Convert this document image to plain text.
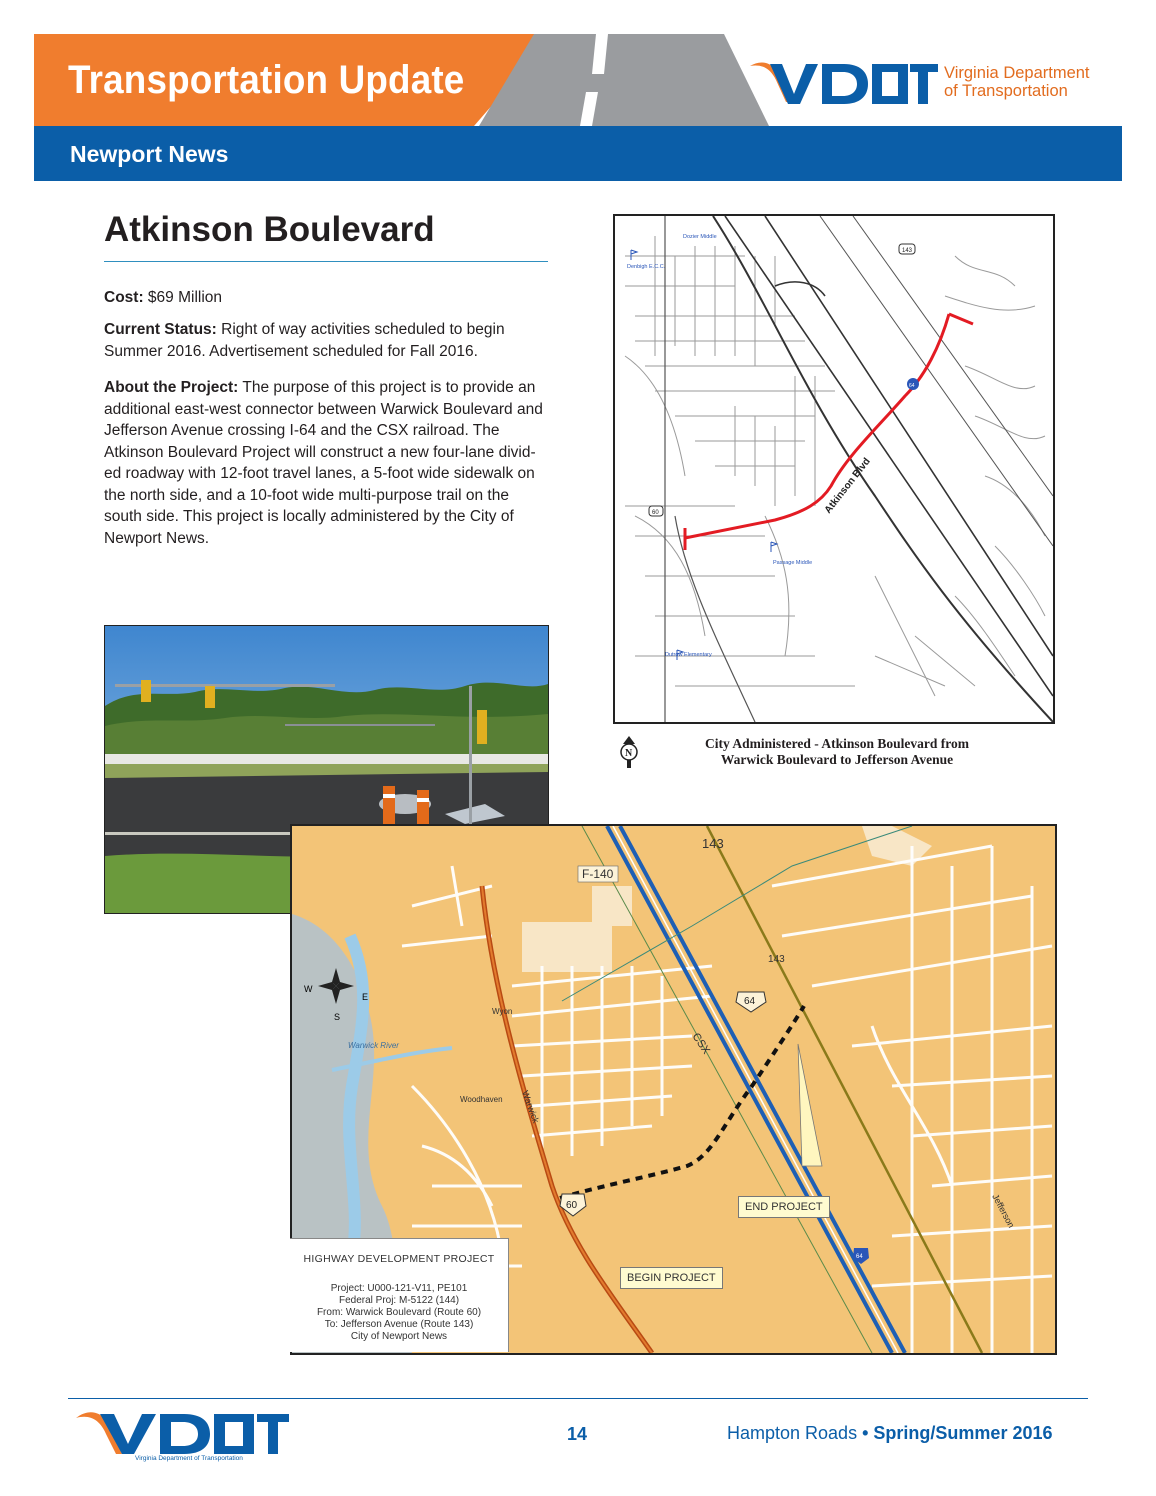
Transportation Update	Virginia Department
of Transportation
Newport News
Atkinson Boulevard
Cost: $69 Million
Current Status: Right of way activities scheduled to begin Summer 2016. Advertisement scheduled for Fall 2016.
About the Project: The purpose of this project is to provide an additional east-west connector between Warwick Boulevard and Jefferson Avenue crossing I-64 and the CSX railroad. The Atkinson Boulevard Project will construct a new four-lane divid-ed roadway with 12-foot travel lanes, a 5-foot wide sidewalk on the north side, and a 10-foot wide multi-purpose trail on the south side. This project is locally administered by the City of Newport News.
143
60
64
Atkinson Blvd
Denbigh E.C.C.
Dozier Middle
Passage Middle
Dutrow Elementary
N
City Administered - Atkinson Boulevard from
Warwick Boulevard to Jefferson Avenue
W
E
S
F-140
143
143
64
64
60
CSX
Warwick
Warwick River
Wyon
Woodhaven
Jefferson
END PROJECT
BEGIN PROJECT
HIGHWAY DEVELOPMENT PROJECT
Project: U000-121-V11, PE101
Federal Proj: M-5122 (144)
From: Warwick Boulevard (Route 60)
To: Jefferson Avenue (Route 143)
City of Newport News
Virginia Department of Transportation
14	Hampton Roads • Spring/Summer 2016
